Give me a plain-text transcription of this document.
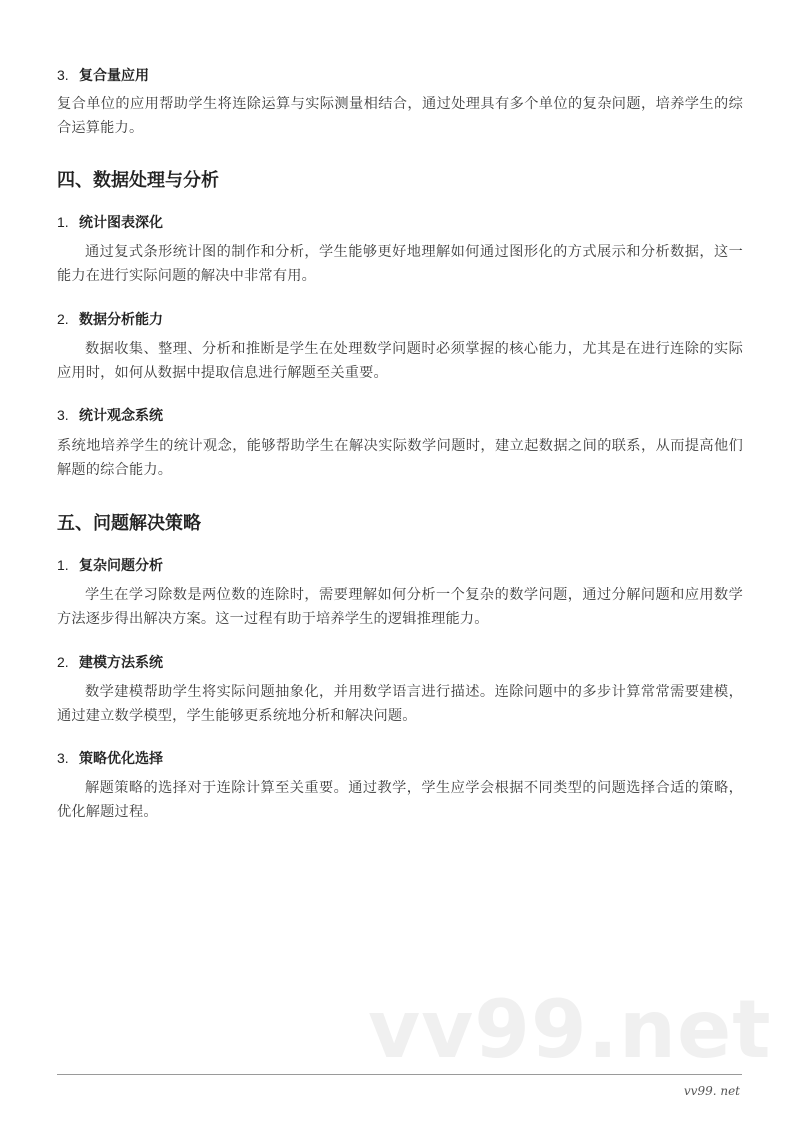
3. 复合量应用

复合单位的应用帮助学生将连除运算与实际测量相结合，通过处理具有多个单位的复杂问题，培养学生的综合运算能力。

四、数据处理与分析
1. 统计图表深化

通过复式条形统计图的制作和分析，学生能够更好地理解如何通过图形化的方式展示和分析数据，这一能力在进行实际问题的解决中非常有用。

2. 数据分析能力

数据收集、整理、分析和推断是学生在处理数学问题时必须掌握的核心能力，尤其是在进行连除的实际应用时，如何从数据中提取信息进行解题至关重要。

3. 统计观念系统

系统地培养学生的统计观念，能够帮助学生在解决实际数学问题时，建立起数据之间的联系，从而提高他们解题的综合能力。

五、问题解决策略
1. 复杂问题分析

学生在学习除数是两位数的连除时，需要理解如何分析一个复杂的数学问题，通过分解问题和应用数学方法逐步得出解决方案。这一过程有助于培养学生的逻辑推理能力。

2. 建模方法系统

数学建模帮助学生将实际问题抽象化，并用数学语言进行描述。连除问题中的多步计算常常需要建模，通过建立数学模型，学生能够更系统地分析和解决问题。

3. 策略优化选择

解题策略的选择对于连除计算至关重要。通过教学，学生应学会根据不同类型的问题选择合适的策略，优化解题过程。

vv99.net
vv99. net
